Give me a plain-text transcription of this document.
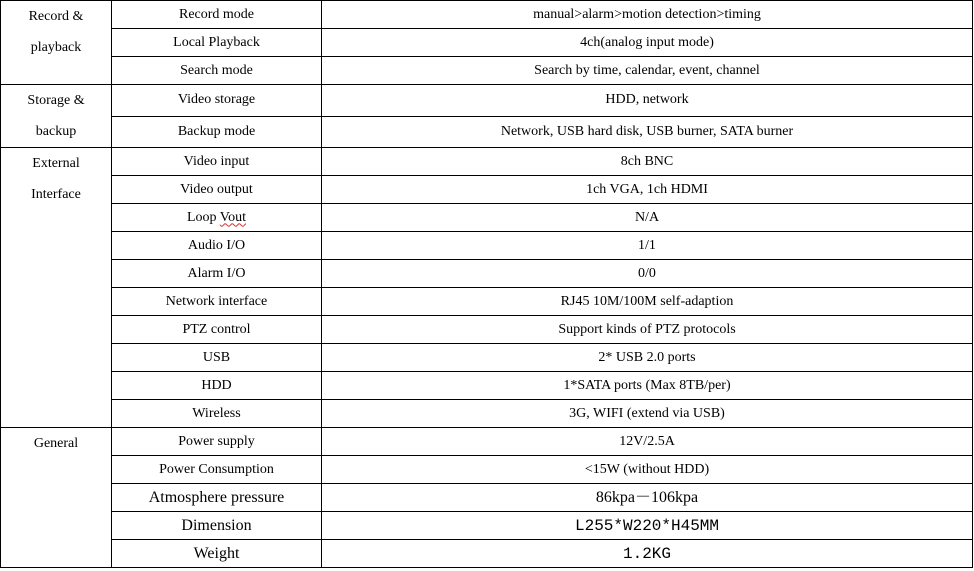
Record &
playback	Record mode	manual>alarm>motion detection>timing
	Local Playback	4ch(analog input mode)
	Search mode	Search by time, calendar, event, channel

Storage &
backup	Video storage	HDD, network
	Backup mode	Network, USB hard disk, USB burner, SATA burner

External
Interface	Video input	8ch BNC
	Video output	1ch VGA, 1ch HDMI
	Loop Vout	N/A
	Audio I/O	1/1
	Alarm I/O	0/0
	Network interface	RJ45 10M/100M self-adaption
	PTZ control	Support kinds of PTZ protocols
	USB	2* USB 2.0 ports
	HDD	1*SATA ports (Max 8TB/per)
	Wireless	3G, WIFI (extend via USB)

General	Power supply	12V/2.5A
	Power Consumption	<15W (without HDD)
	Atmosphere pressure	86kpa－106kpa
	Dimension	L255*W220*H45MM
	Weight	1.2KG
